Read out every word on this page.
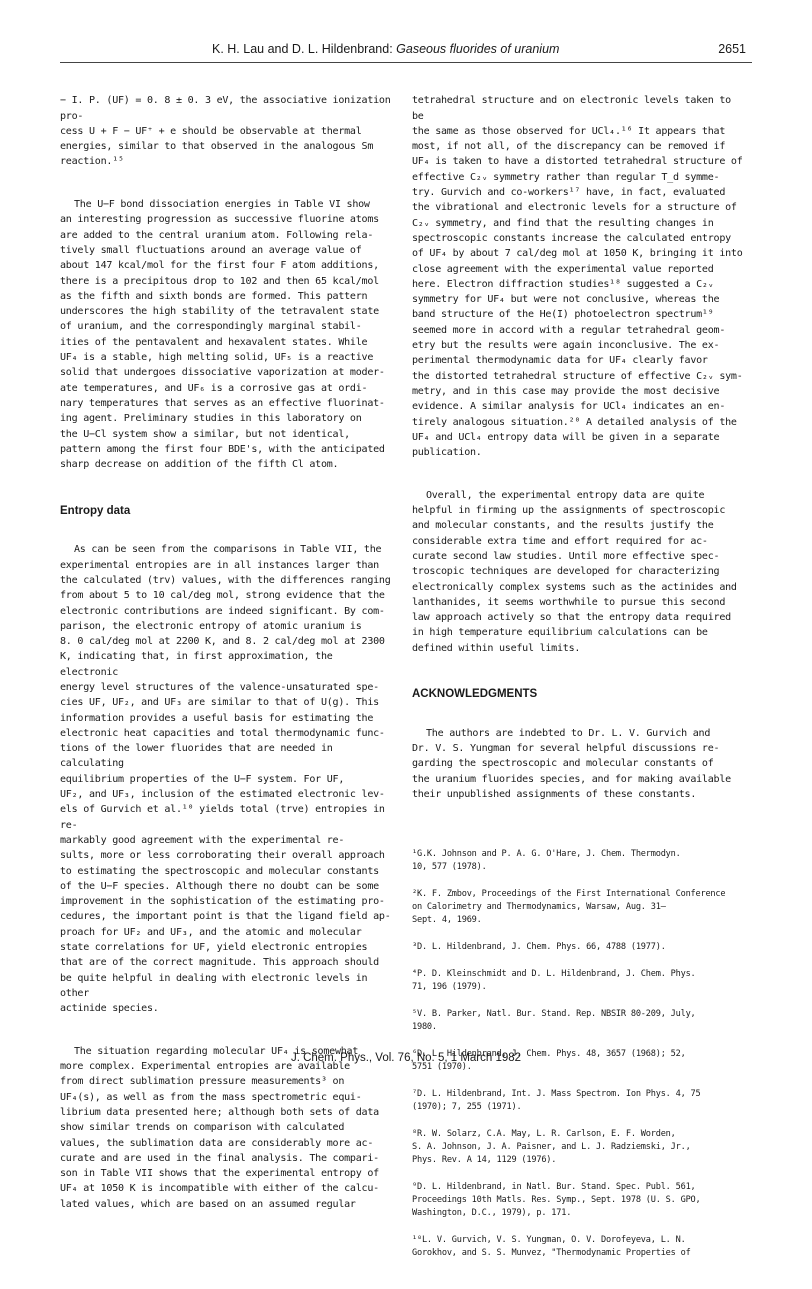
K. H. Lau and D. L. Hildenbrand: Gaseous fluorides of uranium	2651

− I. P. (UF) = 0. 8 ± 0. 3 eV, the associative ionization pro-
cess U + F − UF⁺ + e should be observable at thermal
energies, similar to that observed in the analogous Sm
reaction.¹⁵

The U−F bond dissociation energies in Table VI show
an interesting progression as successive fluorine atoms
are added to the central uranium atom. Following rela-
tively small fluctuations around an average value of
about 147 kcal/mol for the first four F atom additions,
there is a precipitous drop to 102 and then 65 kcal/mol
as the fifth and sixth bonds are formed. This pattern
underscores the high stability of the tetravalent state
of uranium, and the correspondingly marginal stabil-
ities of the pentavalent and hexavalent states. While
UF₄ is a stable, high melting solid, UF₅ is a reactive
solid that undergoes dissociative vaporization at moder-
ate temperatures, and UF₆ is a corrosive gas at ordi-
nary temperatures that serves as an effective fluorinat-
ing agent. Preliminary studies in this laboratory on
the U−Cl system show a similar, but not identical,
pattern among the first four BDE's, with the anticipated
sharp decrease on addition of the fifth Cl atom.

Entropy data

As can be seen from the comparisons in Table VII, the
experimental entropies are in all instances larger than
the calculated (trv) values, with the differences ranging
from about 5 to 10 cal/deg mol, strong evidence that the
electronic contributions are indeed significant. By com-
parison, the electronic entropy of atomic uranium is
8. 0 cal/deg mol at 2200 K, and 8. 2 cal/deg mol at 2300
K, indicating that, in first approximation, the electronic
energy level structures of the valence-unsaturated spe-
cies UF, UF₂, and UF₃ are similar to that of U(g). This
information provides a useful basis for estimating the
electronic heat capacities and total thermodynamic func-
tions of the lower fluorides that are needed in calculating
equilibrium properties of the U−F system. For UF,
UF₂, and UF₃, inclusion of the estimated electronic lev-
els of Gurvich et al.¹⁰ yields total (trve) entropies in re-
markably good agreement with the experimental re-
sults, more or less corroborating their overall approach
to estimating the spectroscopic and molecular constants
of the U−F species. Although there no doubt can be some
improvement in the sophistication of the estimating pro-
cedures, the important point is that the ligand field ap-
proach for UF₂ and UF₃, and the atomic and molecular
state correlations for UF, yield electronic entropies
that are of the correct magnitude. This approach should
be quite helpful in dealing with electronic levels in other
actinide species.

The situation regarding molecular UF₄ is somewhat
more complex. Experimental entropies are available
from direct sublimation pressure measurements³ on
UF₄(s), as well as from the mass spectrometric equi-
librium data presented here; although both sets of data
show similar trends on comparison with calculated
values, the sublimation data are considerably more ac-
curate and are used in the final analysis. The compari-
son in Table VII shows that the experimental entropy of
UF₄ at 1050 K is incompatible with either of the calcu-
lated values, which are based on an assumed regular

tetrahedral structure and on electronic levels taken to be
the same as those observed for UCl₄.¹⁶ It appears that
most, if not all, of the discrepancy can be removed if
UF₄ is taken to have a distorted tetrahedral structure of
effective C₂ᵥ symmetry rather than regular T_d symme-
try. Gurvich and co-workers¹⁷ have, in fact, evaluated
the vibrational and electronic levels for a structure of
C₂ᵥ symmetry, and find that the resulting changes in
spectroscopic constants increase the calculated entropy
of UF₄ by about 7 cal/deg mol at 1050 K, bringing it into
close agreement with the experimental value reported
here. Electron diffraction studies¹⁸ suggested a C₂ᵥ
symmetry for UF₄ but were not conclusive, whereas the
band structure of the He(I) photoelectron spectrum¹⁹
seemed more in accord with a regular tetrahedral geom-
etry but the results were again inconclusive. The ex-
perimental thermodynamic data for UF₄ clearly favor
the distorted tetrahedral structure of effective C₂ᵥ sym-
metry, and in this case may provide the most decisive
evidence. A similar analysis for UCl₄ indicates an en-
tirely analogous situation.²⁰ A detailed analysis of the
UF₄ and UCl₄ entropy data will be given in a separate
publication.

Overall, the experimental entropy data are quite
helpful in firming up the assignments of spectroscopic
and molecular constants, and the results justify the
considerable extra time and effort required for ac-
curate second law studies. Until more effective spec-
troscopic techniques are developed for characterizing
electronically complex systems such as the actinides and
lanthanides, it seems worthwhile to pursue this second
law approach actively so that the entropy data required
in high temperature equilibrium calculations can be
defined within useful limits.

ACKNOWLEDGMENTS

The authors are indebted to Dr. L. V. Gurvich and
Dr. V. S. Yungman for several helpful discussions re-
garding the spectroscopic and molecular constants of
the uranium fluorides species, and for making available
their unpublished assignments of these constants.

¹G.K. Johnson and P. A. G. O'Hare, J. Chem. Thermodyn.
10, 577 (1978).

²K. F. Zmbov, Proceedings of the First International Conference
on Calorimetry and Thermodynamics, Warsaw, Aug. 31–
Sept. 4, 1969.

³D. L. Hildenbrand, J. Chem. Phys. 66, 4788 (1977).

⁴P. D. Kleinschmidt and D. L. Hildenbrand, J. Chem. Phys.
71, 196 (1979).

⁵V. B. Parker, Natl. Bur. Stand. Rep. NBSIR 80-209, July,
1980.

⁶D. L. Hildenbrand, J. Chem. Phys. 48, 3657 (1968); 52,
5751 (1970).

⁷D. L. Hildenbrand, Int. J. Mass Spectrom. Ion Phys. 4, 75
(1970); 7, 255 (1971).

⁸R. W. Solarz, C.A. May, L. R. Carlson, E. F. Worden,
S. A. Johnson, J. A. Paisner, and L. J. Radziemski, Jr.,
Phys. Rev. A 14, 1129 (1976).

⁹D. L. Hildenbrand, in Natl. Bur. Stand. Spec. Publ. 561,
Proceedings 10th Matls. Res. Symp., Sept. 1978 (U. S. GPO,
Washington, D.C., 1979), p. 171.

¹⁰L. V. Gurvich, V. S. Yungman, O. V. Dorofeyeva, L. N.
Gorokhov, and S. S. Munvez, "Thermodynamic Properties of

J. Chem. Phys., Vol. 76, No. 5, 1 March 1982
